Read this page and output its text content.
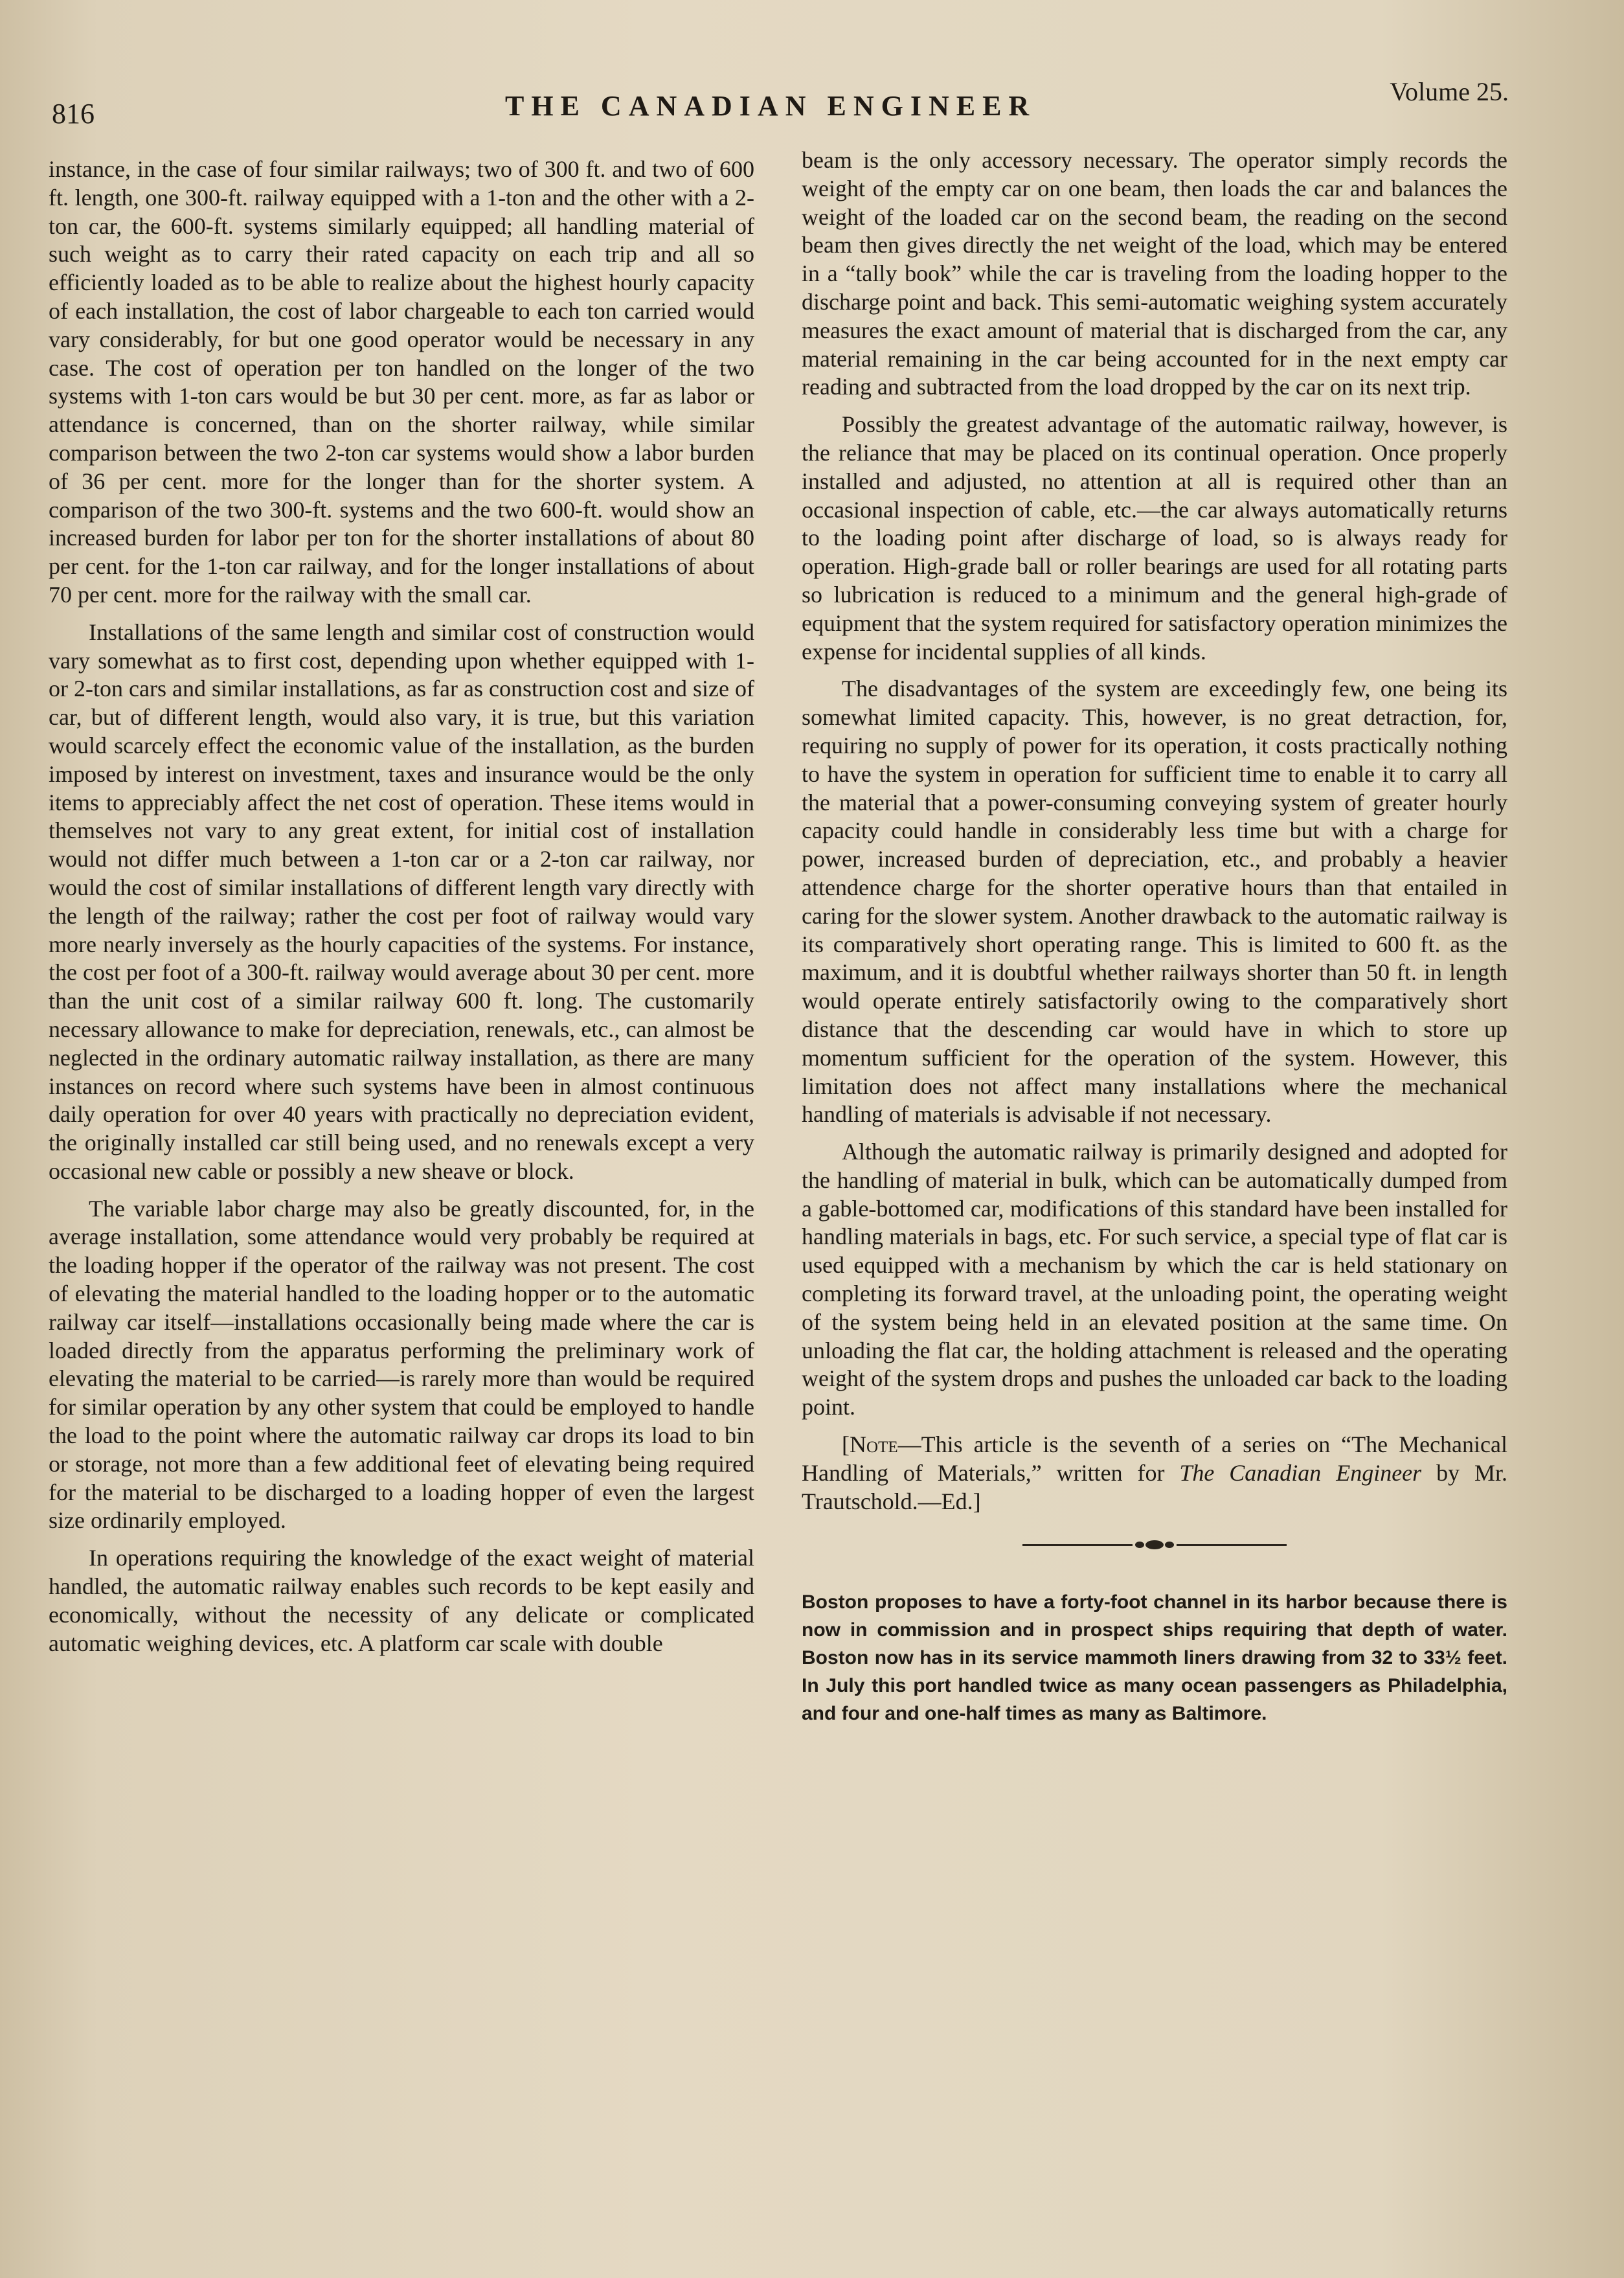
816	THE CANADIAN ENGINEER	Volume 25.

instance, in the case of four similar railways; two of 300 ft. and two of 600 ft. length, one 300-ft. railway equipped with a 1-ton and the other with a 2-ton car, the 600-ft. systems similarly equipped; all handling material of such weight as to carry their rated capacity on each trip and all so efficiently loaded as to be able to realize about the highest hourly capacity of each installation, the cost of labor chargeable to each ton carried would vary considerably, for but one good operator would be necessary in any case. The cost of operation per ton handled on the longer of the two systems with 1-ton cars would be but 30 per cent. more, as far as labor or attendance is concerned, than on the shorter railway, while similar comparison between the two 2-ton car systems would show a labor burden of 36 per cent. more for the longer than for the shorter system. A comparison of the two 300-ft. systems and the two 600-ft. would show an increased burden for labor per ton for the shorter installations of about 80 per cent. for the 1-ton car railway, and for the longer installations of about 70 per cent. more for the railway with the small car.

Installations of the same length and similar cost of construction would vary somewhat as to first cost, depending upon whether equipped with 1- or 2-ton cars and similar installations, as far as construction cost and size of car, but of different length, would also vary, it is true, but this variation would scarcely effect the economic value of the installation, as the burden imposed by interest on investment, taxes and insurance would be the only items to appreciably affect the net cost of operation. These items would in themselves not vary to any great extent, for initial cost of installation would not differ much between a 1-ton car or a 2-ton car railway, nor would the cost of similar installations of different length vary directly with the length of the railway; rather the cost per foot of railway would vary more nearly inversely as the hourly capacities of the systems. For instance, the cost per foot of a 300-ft. railway would average about 30 per cent. more than the unit cost of a similar railway 600 ft. long. The customarily necessary allowance to make for depreciation, renewals, etc., can almost be neglected in the ordinary automatic railway installation, as there are many instances on record where such systems have been in almost continuous daily operation for over 40 years with practically no depreciation evident, the originally installed car still being used, and no renewals except a very occasional new cable or possibly a new sheave or block.

The variable labor charge may also be greatly discounted, for, in the average installation, some attendance would very probably be required at the loading hopper if the operator of the railway was not present. The cost of elevating the material handled to the loading hopper or to the automatic railway car itself—installations occasionally being made where the car is loaded directly from the apparatus performing the preliminary work of elevating the material to be carried—is rarely more than would be required for similar operation by any other system that could be employed to handle the load to the point where the automatic railway car drops its load to bin or storage, not more than a few additional feet of elevating being required for the material to be discharged to a loading hopper of even the largest size ordinarily employed.

In operations requiring the knowledge of the exact weight of material handled, the automatic railway enables such records to be kept easily and economically, without the necessity of any delicate or complicated automatic weighing devices, etc. A platform car scale with double

beam is the only accessory necessary. The operator simply records the weight of the empty car on one beam, then loads the car and balances the weight of the loaded car on the second beam, the reading on the second beam then gives directly the net weight of the load, which may be entered in a “tally book” while the car is traveling from the loading hopper to the discharge point and back. This semi-automatic weighing system accurately measures the exact amount of material that is discharged from the car, any material remaining in the car being accounted for in the next empty car reading and subtracted from the load dropped by the car on its next trip.

Possibly the greatest advantage of the automatic railway, however, is the reliance that may be placed on its continual operation. Once properly installed and adjusted, no attention at all is required other than an occasional inspection of cable, etc.—the car always automatically returns to the loading point after discharge of load, so is always ready for operation. High-grade ball or roller bearings are used for all rotating parts so lubrication is reduced to a minimum and the general high-grade of equipment that the system required for satisfactory operation minimizes the expense for incidental supplies of all kinds.

The disadvantages of the system are exceedingly few, one being its somewhat limited capacity. This, however, is no great detraction, for, requiring no supply of power for its operation, it costs practically nothing to have the system in operation for sufficient time to enable it to carry all the material that a power-consuming conveying system of greater hourly capacity could handle in considerably less time but with a charge for power, increased burden of depreciation, etc., and probably a heavier attendence charge for the shorter operative hours than that entailed in caring for the slower system. Another drawback to the automatic railway is its comparatively short operating range. This is limited to 600 ft. as the maximum, and it is doubtful whether railways shorter than 50 ft. in length would operate entirely satisfactorily owing to the comparatively short distance that the descending car would have in which to store up momentum sufficient for the operation of the system. However, this limitation does not affect many installations where the mechanical handling of materials is advisable if not necessary.

Although the automatic railway is primarily designed and adopted for the handling of material in bulk, which can be automatically dumped from a gable-bottomed car, modifications of this standard have been installed for handling materials in bags, etc. For such service, a special type of flat car is used equipped with a mechanism by which the car is held stationary on completing its forward travel, at the unloading point, the operating weight of the system being held in an elevated position at the same time. On unloading the flat car, the holding attachment is released and the operating weight of the system drops and pushes the unloaded car back to the loading point.

[Note—This article is the seventh of a series on “The Mechanical Handling of Materials,” written for The Canadian Engineer by Mr. Trautschold.—Ed.]

Boston proposes to have a forty-foot channel in its harbor because there is now in commission and in prospect ships requiring that depth of water. Boston now has in its service mammoth liners drawing from 32 to 33½ feet. In July this port handled twice as many ocean passengers as Philadelphia, and four and one-half times as many as Baltimore.
